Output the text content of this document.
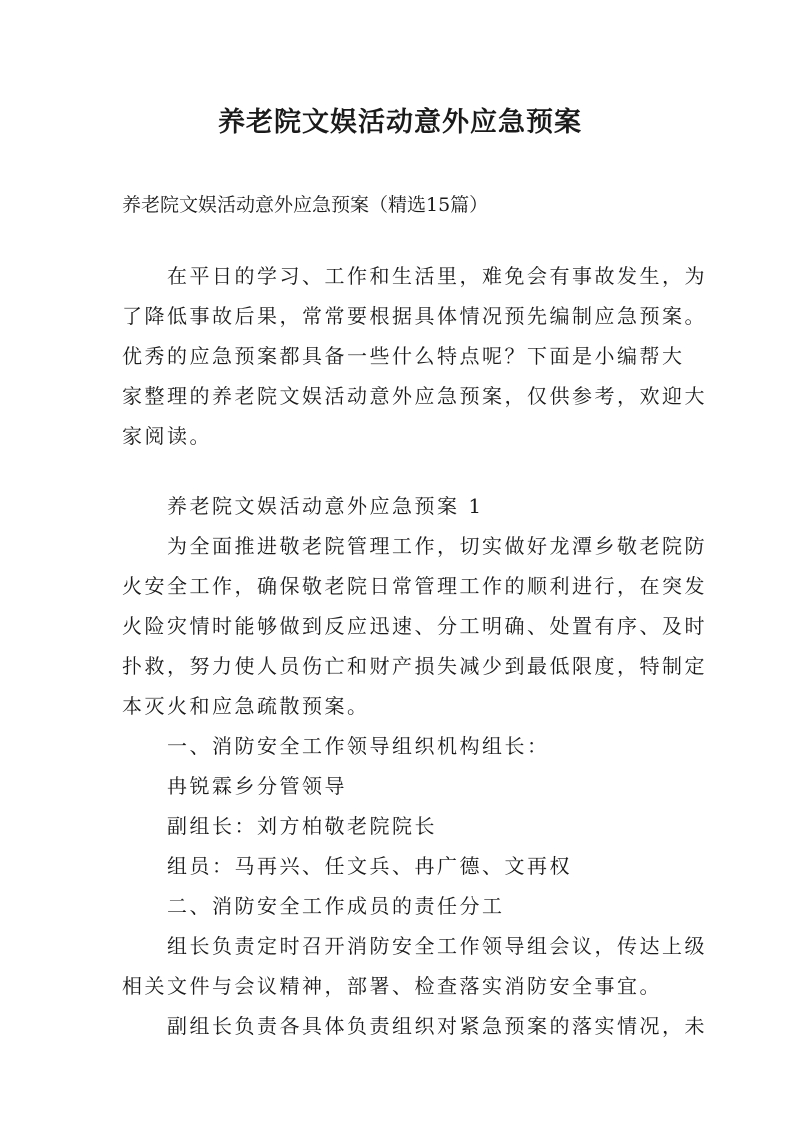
养老院文娱活动意外应急预案
养老院文娱活动意外应急预案（精选15篇）
在平日的学习、工作和生活里，难免会有事故发生，为
了降低事故后果，常常要根据具体情况预先编制应急预案。
优秀的应急预案都具备一些什么特点呢？下面是小编帮大
家整理的养老院文娱活动意外应急预案，仅供参考，欢迎大
家阅读。
养老院文娱活动意外应急预案 1
为全面推进敬老院管理工作，切实做好龙潭乡敬老院防
火安全工作，确保敬老院日常管理工作的顺利进行，在突发
火险灾情时能够做到反应迅速、分工明确、处置有序、及时
扑救，努力使人员伤亡和财产损失减少到最低限度，特制定
本灭火和应急疏散预案。
一、消防安全工作领导组织机构组长：
冉锐霖乡分管领导
副组长：刘方柏敬老院院长
组员：马再兴、任文兵、冉广德、文再权
二、消防安全工作成员的责任分工
组长负责定时召开消防安全工作领导组会议，传达上级
相关文件与会议精神，部署、检查落实消防安全事宜。
副组长负责各具体负责组织对紧急预案的落实情况，未
